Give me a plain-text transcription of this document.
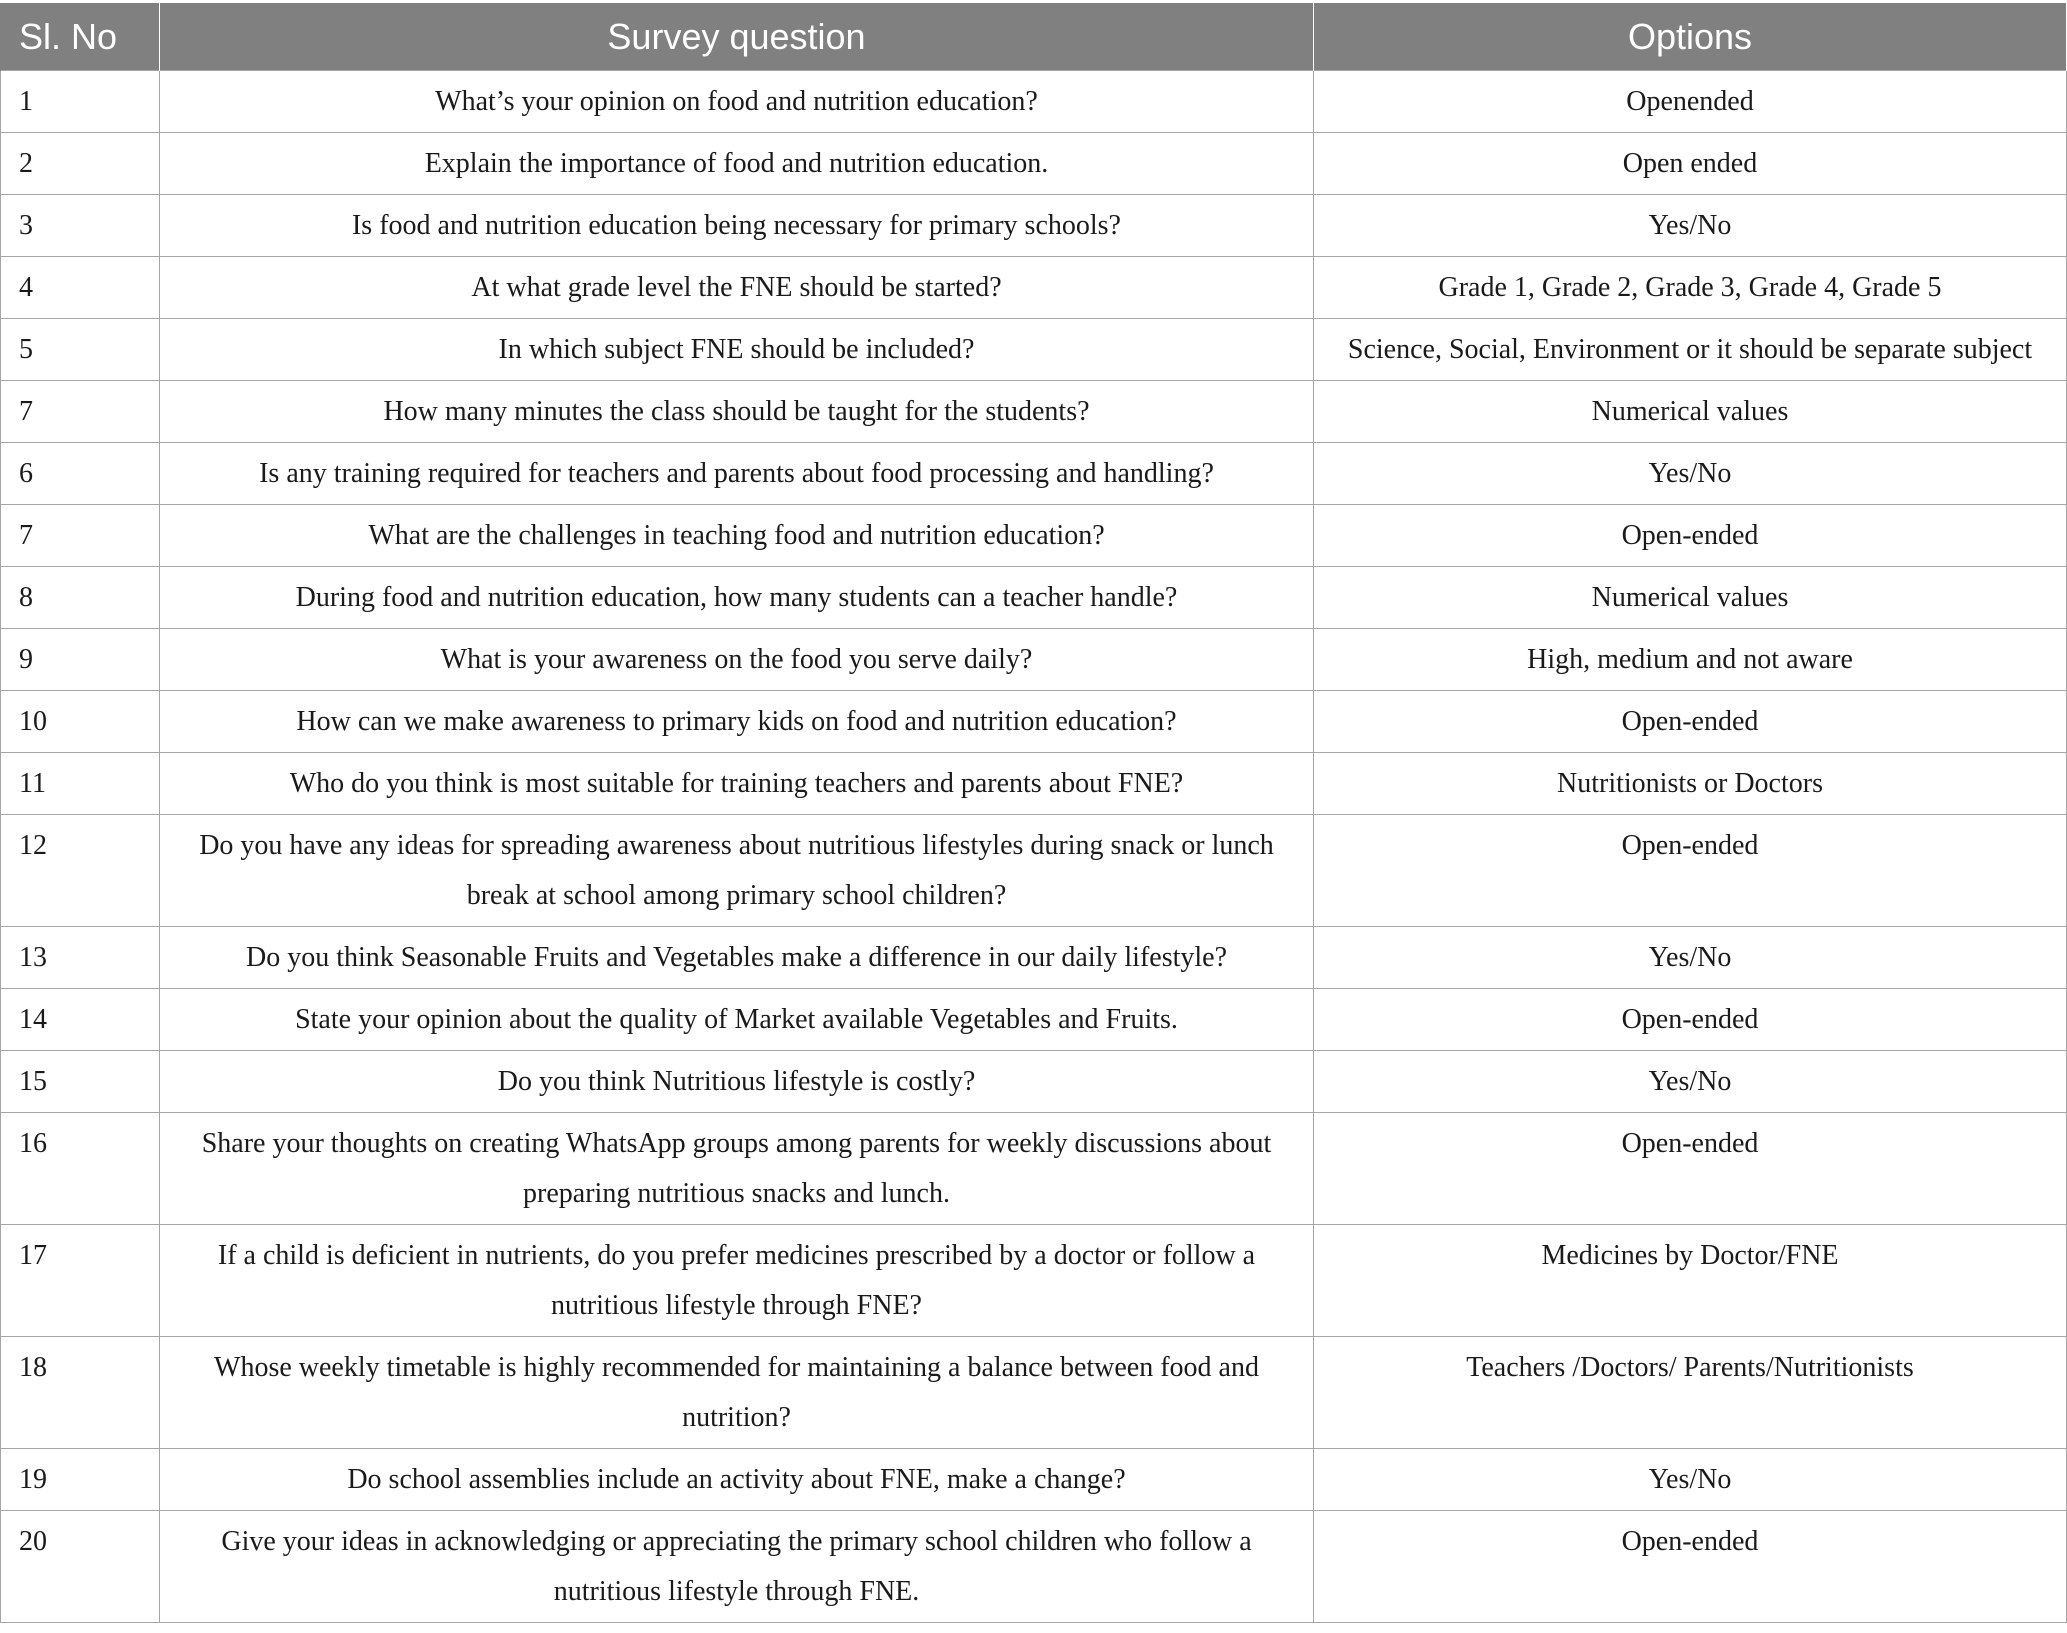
Sl. No	Survey question	Options
1	What’s your opinion on food and nutrition education?	Openended
2	Explain the importance of food and nutrition education.	Open ended
3	Is food and nutrition education being necessary for primary schools?	Yes/No
4	At what grade level the FNE should be started?	Grade 1, Grade 2, Grade 3, Grade 4, Grade 5
5	In which subject FNE should be included?	Science, Social, Environment or it should be separate subject
7	How many minutes the class should be taught for the students?	Numerical values
6	Is any training required for teachers and parents about food processing and handling?	Yes/No
7	What are the challenges in teaching food and nutrition education?	Open-ended
8	During food and nutrition education, how many students can a teacher handle?	Numerical values
9	What is your awareness on the food you serve daily?	High, medium and not aware
10	How can we make awareness to primary kids on food and nutrition education?	Open-ended
11	Who do you think is most suitable for training teachers and parents about FNE?	Nutritionists or Doctors
12	Do you have any ideas for spreading awareness about nutritious lifestyles during snack or lunch break at school among primary school children?	Open-ended
13	Do you think Seasonable Fruits and Vegetables make a difference in our daily lifestyle?	Yes/No
14	State your opinion about the quality of Market available Vegetables and Fruits.	Open-ended
15	Do you think Nutritious lifestyle is costly?	Yes/No
16	Share your thoughts on creating WhatsApp groups among parents for weekly discussions about preparing nutritious snacks and lunch.	Open-ended
17	If a child is deficient in nutrients, do you prefer medicines prescribed by a doctor or follow a nutritious lifestyle through FNE?	Medicines by Doctor/FNE
18	Whose weekly timetable is highly recommended for maintaining a balance between food and nutrition?	Teachers /Doctors/ Parents/Nutritionists
19	Do school assemblies include an activity about FNE, make a change?	Yes/No
20	Give your ideas in acknowledging or appreciating the primary school children who follow a nutritious lifestyle through FNE.	Open-ended
